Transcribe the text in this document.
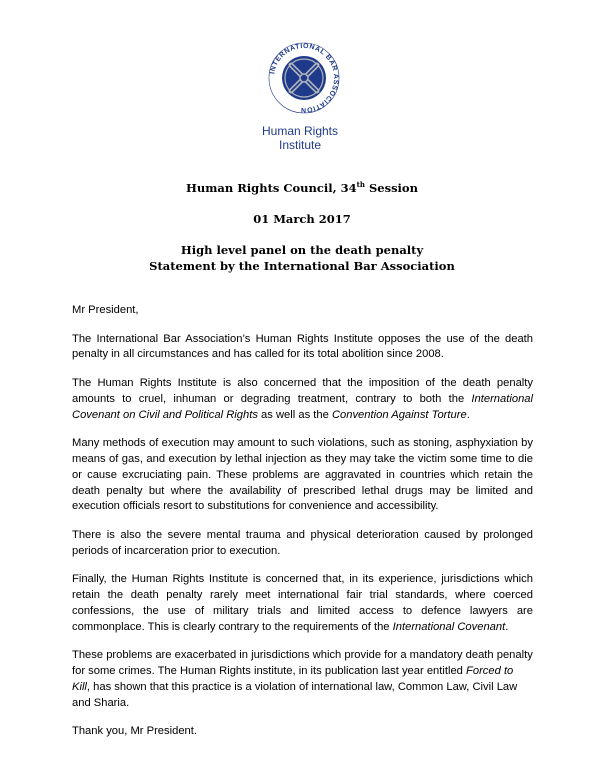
INTERNATIONAL BAR ASSOCIATION
Human Rights
Institute
Human Rights Council, 34th Session
01 March 2017
High level panel on the death penalty
Statement by the International Bar Association

Mr President,

The International Bar Association’s Human Rights Institute opposes the use of the death penalty in all circumstances and has called for its total abolition since 2008.

The Human Rights Institute is also concerned that the imposition of the death penalty amounts to cruel, inhuman or degrading treatment, contrary to both the International Covenant on Civil and Political Rights as well as the Convention Against Torture.

Many methods of execution may amount to such violations, such as stoning, asphyxiation by means of gas, and execution by lethal injection as they may take the victim some time to die or cause excruciating pain. These problems are aggravated in countries which retain the death penalty but where the availability of prescribed lethal drugs may be limited and execution officials resort to substitutions for convenience and accessibility.

There is also the severe mental trauma and physical deterioration caused by prolonged periods of incarceration prior to execution.

Finally, the Human Rights Institute is concerned that, in its experience, jurisdictions which retain the death penalty rarely meet international fair trial standards, where coerced confessions, the use of military trials and limited access to defence lawyers are commonplace. This is clearly contrary to the requirements of the International Covenant.

These problems are exacerbated in jurisdictions which provide for a mandatory death penalty for some crimes. The Human Rights institute, in its publication last year entitled Forced to Kill, has shown that this practice is a violation of international law, Common Law, Civil Law and Sharia.

Thank you, Mr President.
